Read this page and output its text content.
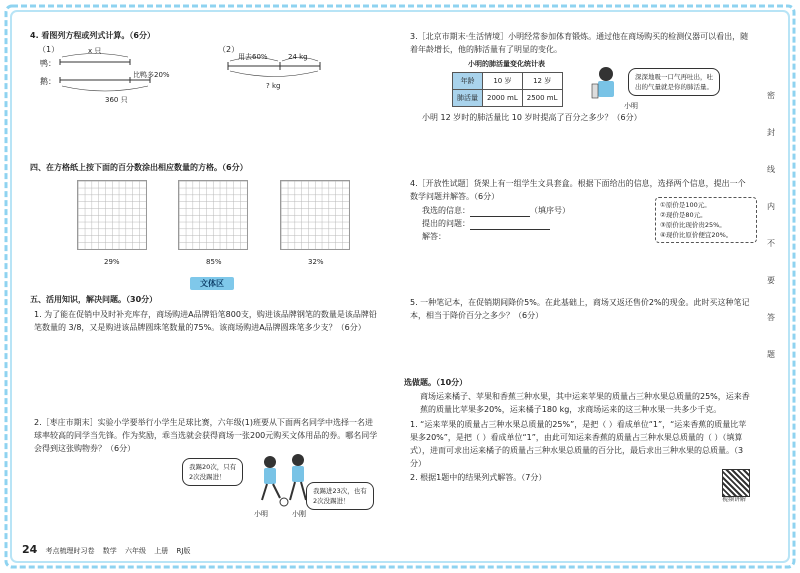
4. 看图列方程或列式计算。（6分）
（1）	（2）
鸭：
鹅：
x 只
比鸭多20%
360 只
用去60%	24 kg
? kg
四、在方格纸上按下面的百分数涂出相应数量的方格。（6分）
29%	85%	32%
文体区
五、活用知识，解决问题。（30分）
1. 为了能在促销中及时补充库存，商场购进A品牌铅笔800支，购进该品牌钢笔的数量是该品牌铅笔数量的 3/8，又是购进该品牌圆珠笔数量的75%。该商场购进A品牌圆珠笔多少支？（6分）
2.［枣庄市期末］实验小学要举行小学生足球比赛，六年级(1)班要从下面两名同学中选择一名进球率较高的同学当先锋。作为奖励，乖当选就会获得商场一张200元购买文体用品的券。哪名同学会得到这张购物券？（6分）
我踢20次，只有
2次没踢进！
我踢进23次，也有
2次没踢进！
小明	小刚
3.［北京市期末·生活情境］小明经常参加体育锻炼。通过他在商场购买的检测仪器可以看出，随着年龄增长，他的肺活量有了明显的变化。
小明的肺活量变化统计表
年龄	10 岁	12 岁
肺活量	2000 mL	2500 mL
深深地吸一口气再吐出，吐
出的气量就是你的肺活量。
小明
小明 12 岁时的肺活量比 10 岁时提高了百分之多少？（6分）
4.［开放性试题］货架上有一组学生文具套盒。根据下面给出的信息，选择两个信息，提出一个数学问题并解答。（6分）
我选的信息：	（填序号）
提出的问题：
解答：
①原价是100元。
②现价是80元。
③原价比现价贵25%。
④现价比原价便宜20%。
5. 一种笔记本，在促销期间降价5%。在此基础上，商场又返还售价2%的现金。此时买这种笔记本，相当于降价百分之多少？（6分）
选做题。（10分）
商场运来橘子、苹果和香蕉三种水果，其中运来苹果的质量占三种水果总质量的25%，运来香蕉的质量比苹果多20%，运来橘子180 kg，求商场运来的这三种水果一共多少千克。
1. “运来苹果的质量占三种水果总质量的25%”，是把（ ）看成单位“1”，“运来香蕉的质量比苹果多20%”，是把（ ）看成单位“1”，由此可知运来香蕉的质量占三种水果总质量的（ ）（填算式），进而可求出运来橘子的质量占三种水果总质量的百分比，最后求出三种水果的总质量。（3分）
2. 根据1题中的结果列式解答。（7分）
视频讲解
密
封
线
内
不
要
答
题
24 考点梳理时习卷 数学 六年级 上册 RJ版
